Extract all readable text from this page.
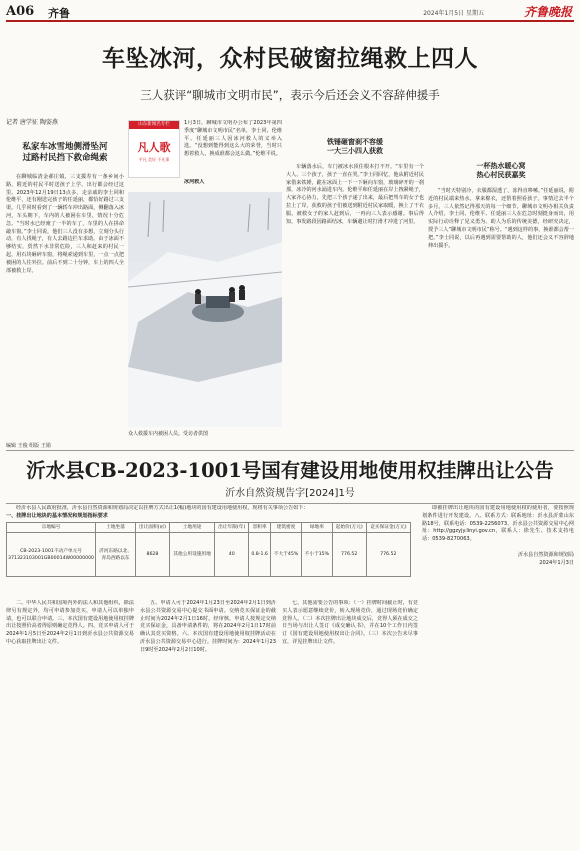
A06 齐鲁	2024年1月5日 星期五	齐鲁晚报
车坠冰河，众村民破窗拉绳救上四人
三人获评“聊城市文明市民”，表示今后还会义不容辞伸援手
记者 唐学征 陶姿燕
私家车冰雪地侧滑坠河
过路村民挡下救命绳索
在聊城临清金郝庄镇，三支援寿有一条乡间小路，附近的村民平时送孩子上学、出行都会经过这里。2023年12月19日13点多，走亲戚的李士同和伦维平，还有刚送完孩子的任延丽，都恰好路过三支渠。几乎同时看到了一辆轿车冲出路面，侧翻落入冰河，车头朝下，车内的人被困在车里，情况十分危急。“当时水已经淹了一半的车了，车里的人在拼命敲车窗。”李士同说，他们三人没有多想，立刻分头行动，有人找绳子，有人去路边拦车求助。由于冰面不够结实，贸然下水非常危险，三人和赶来的村民一起，用石块砸碎车窗，将绳索递到车里，一点一点把被困的人往外拉。前后不到二十分钟，车上的四人全部被救上岸。
山东新闻名专栏
凡人歌
平凡 美好 不凡事
1月3日，聊城市文明办公布了2023年第四季度“聊城市文明市民”名单，李士同、伦维平、任延丽三人因冰河救人的义举入选。“没想到能得到这么大的荣誉，当时只想着救人，换成谁都会这么做。”伦维平说。
冰河救人
众人救援车内被困人员。受访者供图
铁锤砸窗刹不容缓
一大三小四人获救
车辆落水后，车门被冰水顶住根本打不开。“车里有一个大人、三个孩子，孩子一直在哭。”李士同回忆，他从附近村民家借来铁锤，跪在冰面上一下一下砸向车窗，玻璃碎开的一刹那，冰冷的河水涌进车内。伦维平和任延丽在岸上拽紧绳子，大家齐心协力，先把三个孩子递了出来，最后把驾车的女子也拉上了岸。获救的孩子们被送到附近村民家取暖，换上了干衣服。被救女子的家人赶到后，一再向三人表示感谢。事后得知，事发路段因路面结冰，车辆避让时打滑才冲进了河里。
一杯热水暖心窝
热心村民获嘉奖
“当时天特别冷，衣服都湿透了，冻得直哆嗦。”任延丽说，附近的村民端来热水，拿来棉衣，还帮着照看孩子。事情过去半个多月，三人依然记得那天的每一个细节。聊城市文明办相关负责人介绍，李士同、伦维平、任延丽三人在危急时刻挺身而出，用实际行动诠释了见义勇为、助人为乐的传统美德，经研究决定，授予三人“聊城市文明市民”称号。“遇到这样的事，换谁都会帮一把。”李士同说，以后再遇到需要帮助的人，他们还会义不容辞地伸出援手。
编辑 王俊 组版 王娟
沂水县CB-2023-1001号国有建设用地使用权挂牌出让公告
沂水自然资规告字[2024]1号
经沂水县人民政府批准，沂水县自然资源和规划局决定以挂牌方式出让1(幅)地块的国有建设用地使用权，现将有关事项公告如下：
一、挂牌出让地块的基本情况和规划指标要求
宗地编号	土地坐落	出让面积(㎡)	土地用途	出让年限(年)	容积率	建筑密度	绿地率	起始价(万元)	竞买保证金(万元)
CB-2023-1001不动产单元号371323103001GB00014W00000000	沂河东路以北、青岛西路以东	8628	其他公用设施用地	40	0.8-1.6	不大于45%	不小于15%	776.52	776.52
二、中华人民共和国境内外的法人和其他组织，除法律另有规定外，均可申请参加竞买，申请人可以单独申请，也可以联合申请。三、本次国有建设用地使用权挂牌出让按照价高者得原则确定竞得人。四、竞买申请人可于2024年1月5日至2024年2月1日到沂水县公共资源交易中心获取挂牌出让文件。
五、申请人可于2024年1月23日至2024年2月1日到沂水县公共资源交易中心提交书面申请。交纳竞买保证金的截止时间为2024年2月1日16时。经审核，申请人按规定交纳竞买保证金，具备申请条件的，将在2024年2月1日17时前确认其竞买资格。六、本次国有建设用地使用权挂牌活动在沂水县公共资源交易中心进行。挂牌时间为：2024年1月23日9时至2024年2月2日10时。
七、其他需要公告的事项：（一）挂牌时间截止时，有竞买人表示愿意继续竞价，转入现场竞价，通过现场竞价确定竞得人。（二）本次挂牌出让地块成交后，竞得人须在成交之日当场与出让人签订《成交确认书》，并在10个工作日内签订《国有建设用地使用权出让合同》。（三）本次公告未尽事宜，详见挂牌出让文件。
即被挂牌出让地块的国有建设用地使用权的使用者，要按照规划条件进行开发建设。八、联系方式：联系地址：沂水县沂蒙山东路18号，联系电话：0539-2256073，沂水县公共资源交易中心网址：http://ggzyjy.linyi.gov.cn，联系人：徐先生、技术支持电话：0539-8270063。
沂水县自然资源和规划局
2024年1月3日
